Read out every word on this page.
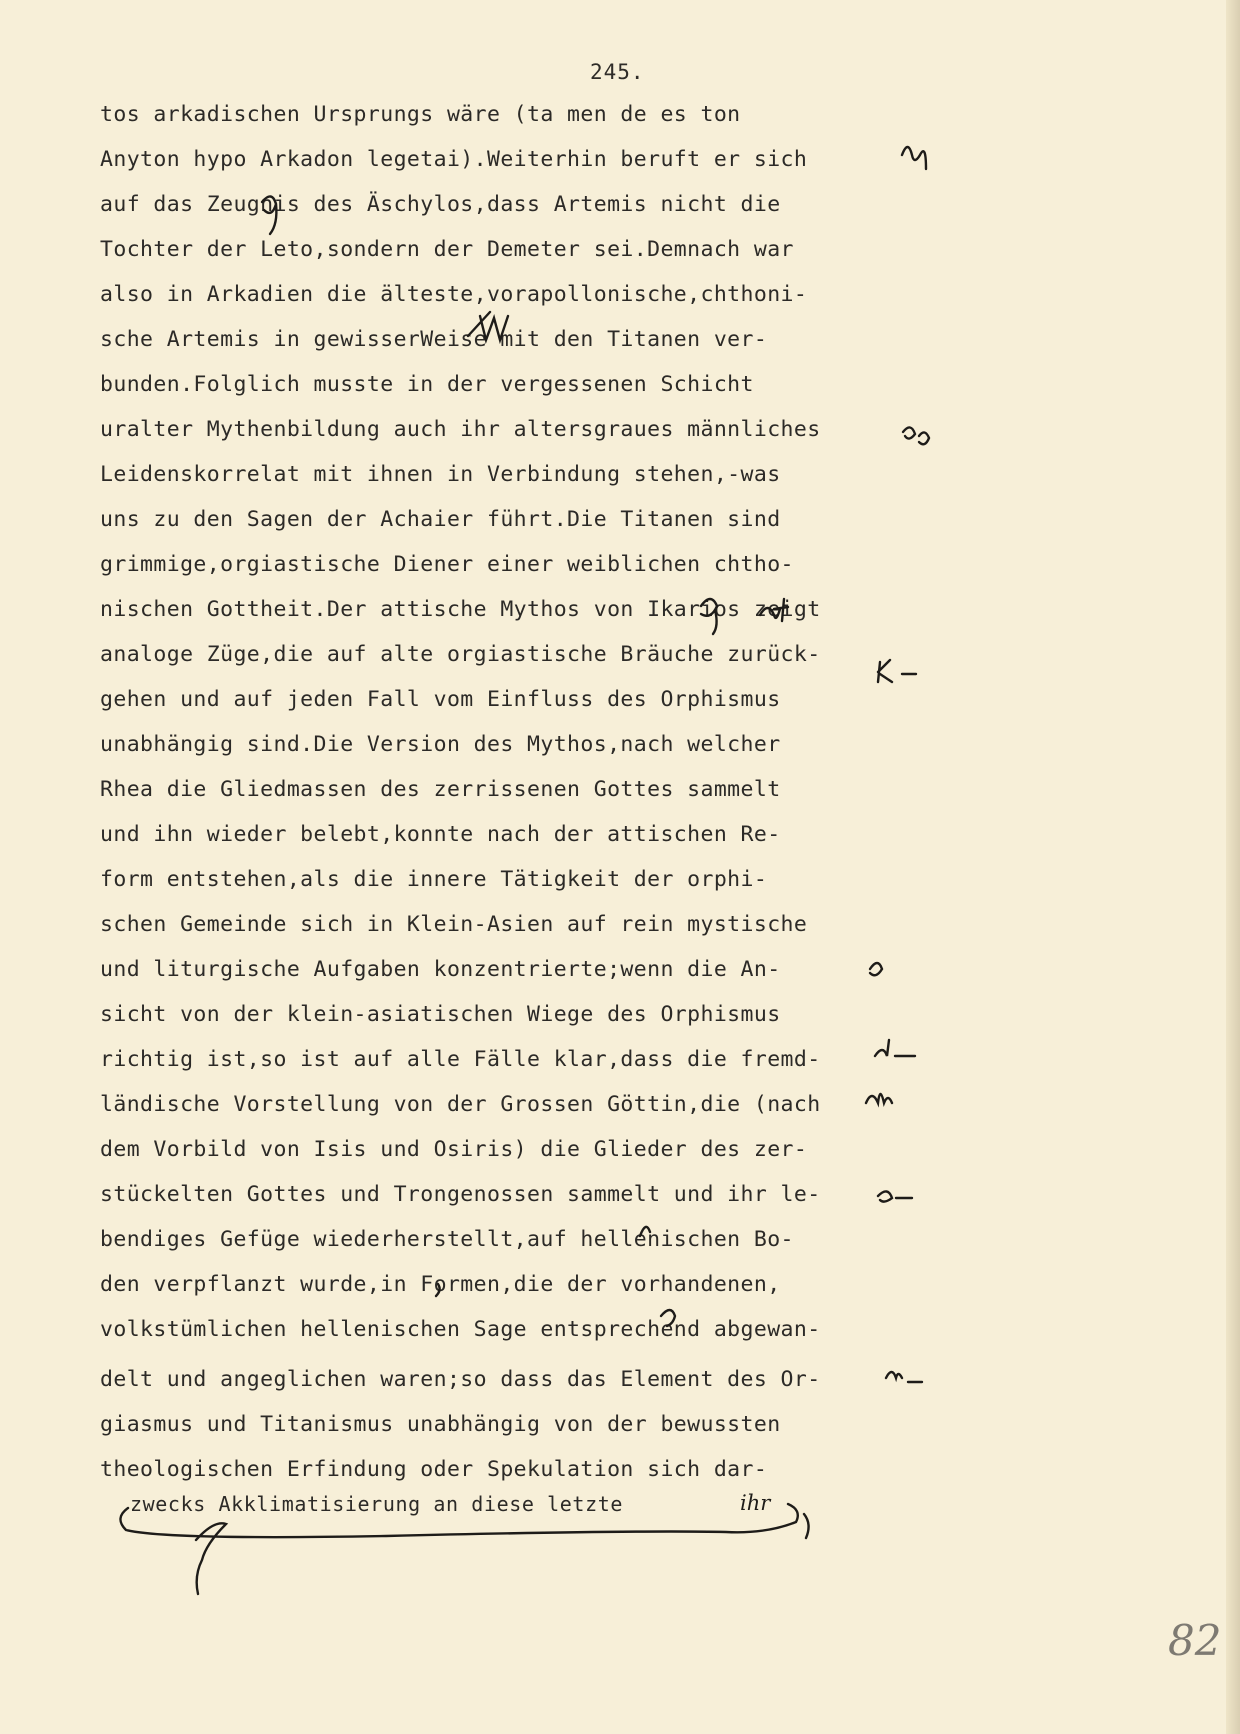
245.
tos arkadischen Ursprungs wäre (ta men de es ton
Anyton hypo Arkadon legetai).Weiterhin beruft er sich
auf das Zeugnis des Äschylos,dass Artemis nicht die
Tochter der Leto,sondern der Demeter sei.Demnach war
also in Arkadien die älteste,vorapollonische,chthoni-
sche Artemis in gewisserWeise mit den Titanen ver-
bunden.Folglich musste in der vergessenen Schicht
uralter Mythenbildung auch ihr altersgraues männliches
Leidenskorrelat mit ihnen in Verbindung stehen,-was
uns zu den Sagen der Achaier führt.Die Titanen sind
grimmige,orgiastische Diener einer weiblichen chtho-
nischen Gottheit.Der attische Mythos von Ikarios zeigt
analoge Züge,die auf alte orgiastische Bräuche zurück-
gehen und auf jeden Fall vom Einfluss des Orphismus
unabhängig sind.Die Version des Mythos,nach welcher
Rhea die Gliedmassen des zerrissenen Gottes sammelt
und ihn wieder belebt,konnte nach der attischen Re-
form entstehen,als die innere Tätigkeit der orphi-
schen Gemeinde sich in Klein-Asien auf rein mystische
und liturgische Aufgaben konzentrierte;wenn die An-
sicht von der klein-asiatischen Wiege des Orphismus
richtig ist,so ist auf alle Fälle klar,dass die fremd-
ländische Vorstellung von der Grossen Göttin,die (nach
dem Vorbild von Isis und Osiris) die Glieder des zer-
stückelten Gottes und Trongenossen sammelt und ihr le-
bendiges Gefüge wiederherstellt,auf hellenischen Bo-
den verpflanzt wurde,in Formen,die der vorhandenen,
volkstümlichen hellenischen Sage entsprechend abgewan-
delt und angeglichen waren;so dass das Element des Or-
giasmus und Titanismus unabhängig von der bewussten
theologischen Erfindung oder Spekulation sich dar-
zwecks Akklimatisierung an diese letzte	ihr
82
